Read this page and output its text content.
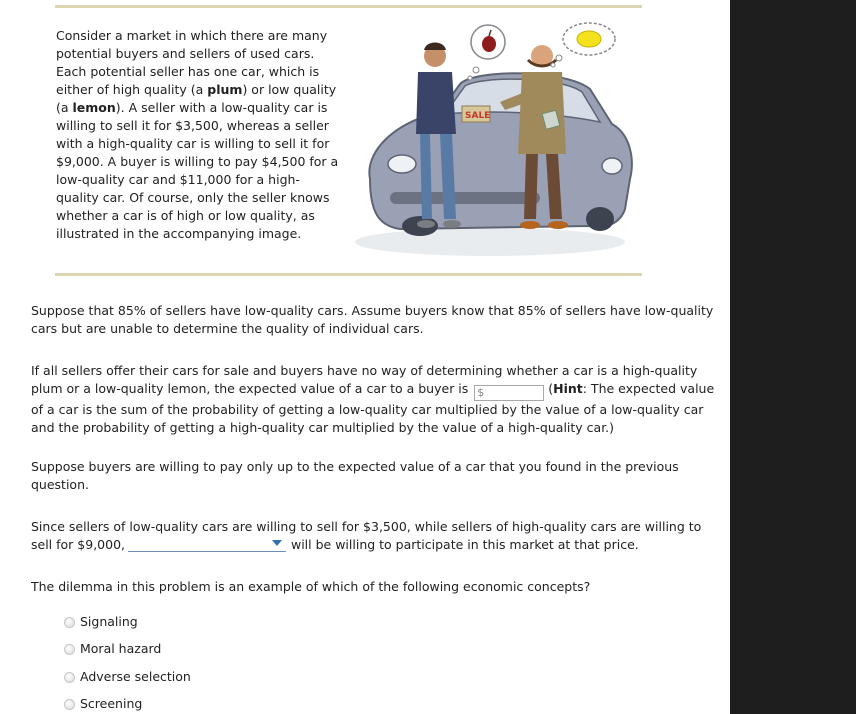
Consider a market in which there are many potential buyers and sellers of used cars. Each potential seller has one car, which is either of high quality (a plum) or low quality (a lemon). A seller with a low-quality car is willing to sell it for $3,500, whereas a seller with a high-quality car is willing to sell it for $9,000. A buyer is willing to pay $4,500 for a low-quality car and $11,000 for a high-quality car. Of course, only the seller knows whether a car is of high or low quality, as illustrated in the accompanying image.

SALE

Suppose that 85% of sellers have low-quality cars. Assume buyers know that 85% of sellers have low-quality cars but are unable to determine the quality of individual cars.

If all sellers offer their cars for sale and buyers have no way of determining whether a car is a high-quality plum or a low-quality lemon, the expected value of a car to a buyer is $	(Hint: The expected value of a car is the sum of the probability of getting a low-quality car multiplied by the value of a low-quality car and the probability of getting a high-quality car multiplied by the value of a high-quality car.)

Suppose buyers are willing to pay only up to the expected value of a car that you found in the previous question.

Since sellers of low-quality cars are willing to sell for $3,500, while sellers of high-quality cars are willing to sell for $9,000,	will be willing to participate in this market at that price.

The dilemma in this problem is an example of which of the following economic concepts?

Signaling
Moral hazard
Adverse selection
Screening
